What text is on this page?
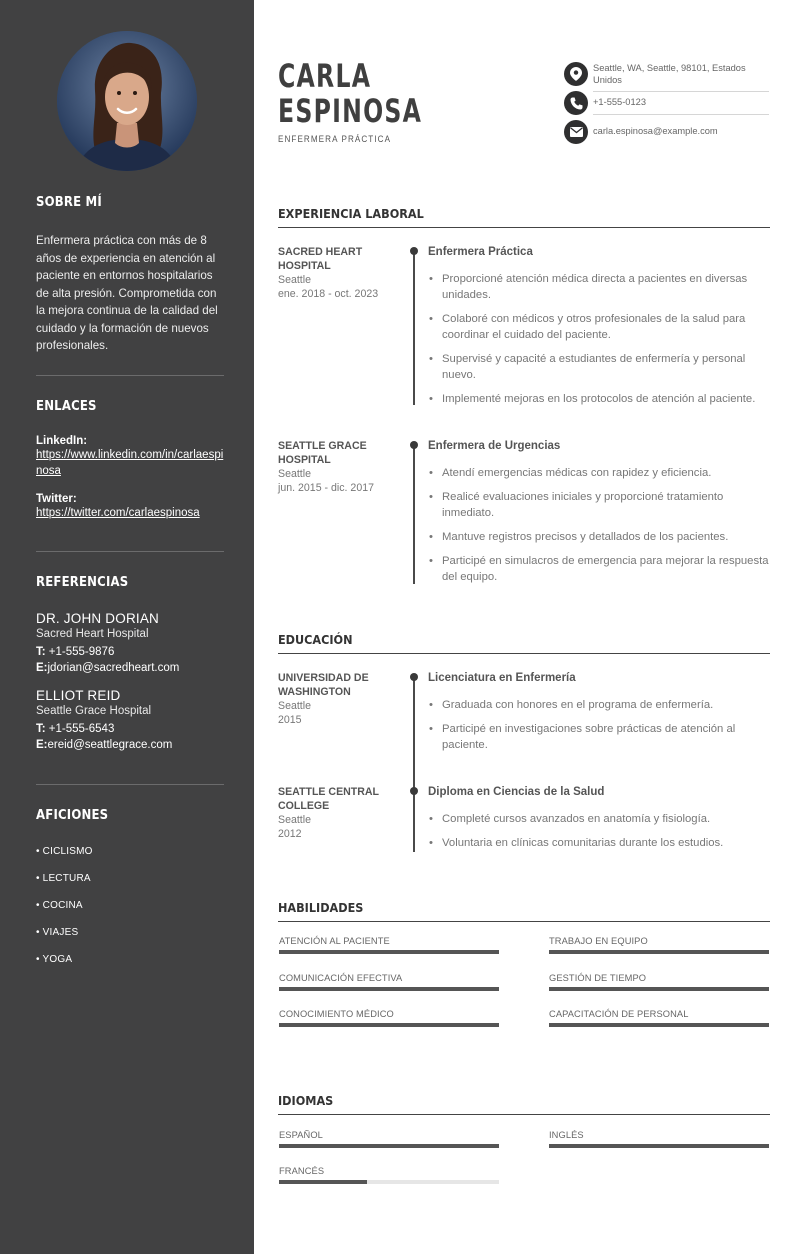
SOBRE MÍ
Enfermera práctica con más de 8 años de experiencia en atención al paciente en entornos hospitalarios de alta presión. Comprometida con la mejora continua de la calidad del cuidado y la formación de nuevos profesionales.
ENLACES
LinkedIn:
https://www.linkedin.com/in/carlaespinosa
Twitter:
https://twitter.com/carlaespinosa
REFERENCIAS
DR. JOHN DORIAN
Sacred Heart Hospital
T: +1-555-9876
E:jdorian@sacredheart.com
ELLIOT REID
Seattle Grace Hospital
T: +1-555-6543
E:ereid@seattlegrace.com
AFICIONES
• CICLISMO
• LECTURA
• COCINA
• VIAJES
• YOGA
CARLA
ESPINOSA
ENFERMERA PRÁCTICA
Seattle, WA, Seattle, 98101, Estados Unidos
+1-555-0123
carla.espinosa@example.com
EXPERIENCIA LABORAL
SACRED HEART HOSPITAL
Seattle
ene. 2018 - oct. 2023
Enfermera Práctica
• Proporcioné atención médica directa a pacientes en diversas unidades.
• Colaboré con médicos y otros profesionales de la salud para coordinar el cuidado del paciente.
• Supervisé y capacité a estudiantes de enfermería y personal nuevo.
• Implementé mejoras en los protocolos de atención al paciente.
SEATTLE GRACE HOSPITAL
Seattle
jun. 2015 - dic. 2017
Enfermera de Urgencias
• Atendí emergencias médicas con rapidez y eficiencia.
• Realicé evaluaciones iniciales y proporcioné tratamiento inmediato.
• Mantuve registros precisos y detallados de los pacientes.
• Participé en simulacros de emergencia para mejorar la respuesta del equipo.
EDUCACIÓN
UNIVERSIDAD DE WASHINGTON
Seattle
2015
Licenciatura en Enfermería
• Graduada con honores en el programa de enfermería.
• Participé en investigaciones sobre prácticas de atención al paciente.
SEATTLE CENTRAL COLLEGE
Seattle
2012
Diploma en Ciencias de la Salud
• Completé cursos avanzados en anatomía y fisiología.
• Voluntaria en clínicas comunitarias durante los estudios.
HABILIDADES
ATENCIÓN AL PACIENTE	TRABAJO EN EQUIPO
COMUNICACIÓN EFECTIVA	GESTIÓN DE TIEMPO
CONOCIMIENTO MÉDICO	CAPACITACIÓN DE PERSONAL
IDIOMAS
ESPAÑOL	INGLÉS
FRANCÉS
